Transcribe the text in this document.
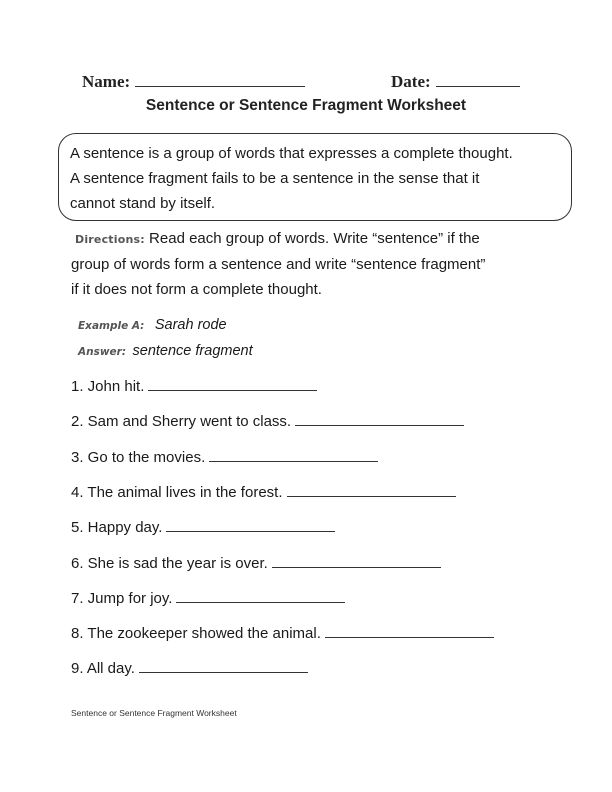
Name:	Date:
Sentence or Sentence Fragment Worksheet
A sentence is a group of words that expresses a complete thought.
A sentence fragment fails to be a sentence in the sense that it
cannot stand by itself.
Directions: Read each group of words. Write “sentence” if the
group of words form a sentence and write “sentence fragment”
if it does not form a complete thought.
Example A: Sarah rode
Answer: sentence fragment
1. John hit.
2. Sam and Sherry went to class.
3. Go to the movies.
4. The animal lives in the forest.
5. Happy day.
6. She is sad the year is over.
7. Jump for joy.
8. The zookeeper showed the animal.
9. All day.
Sentence or Sentence Fragment Worksheet
